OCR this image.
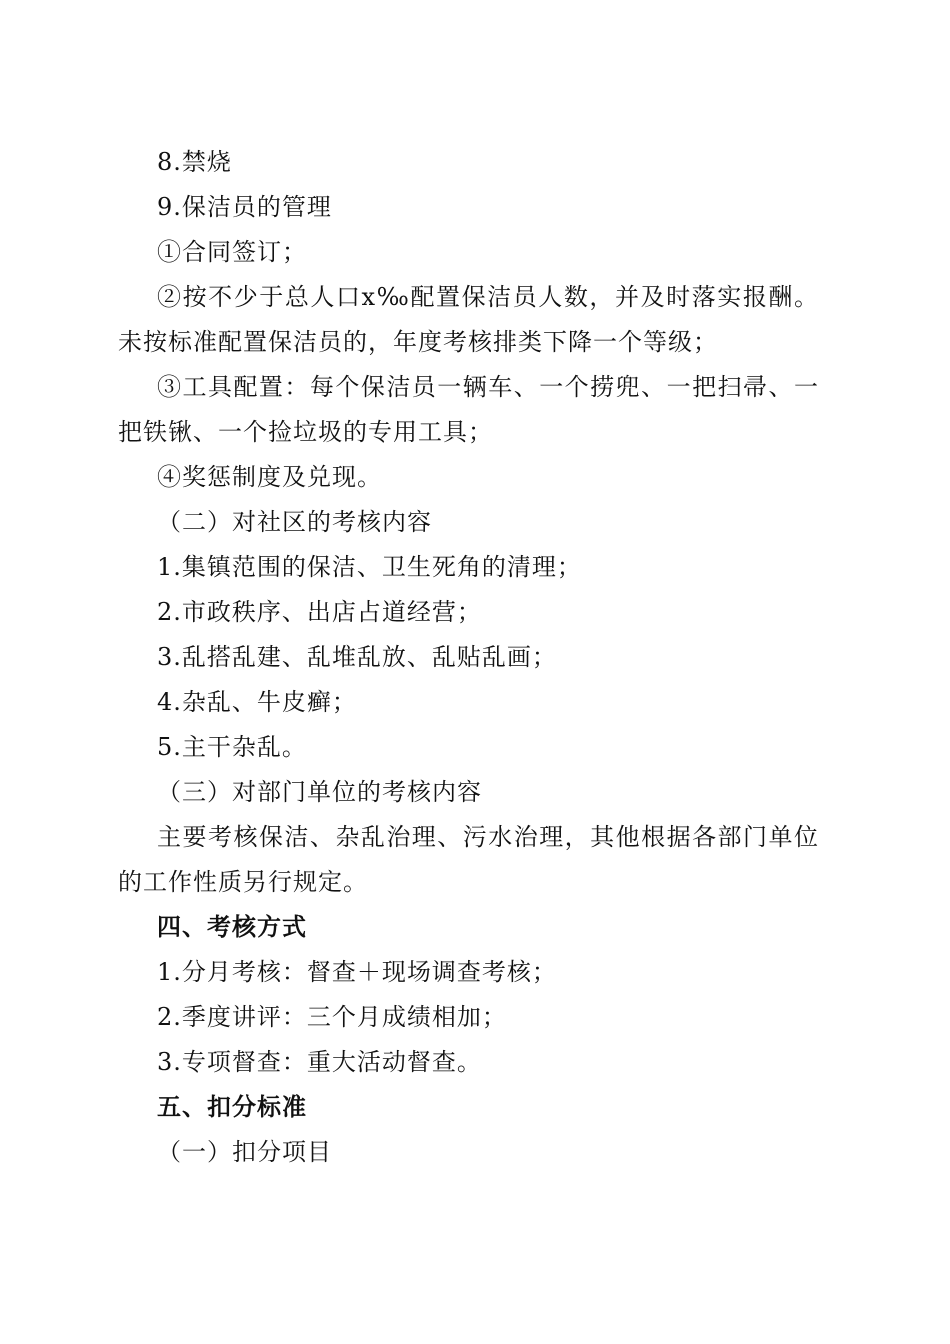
8.禁烧
9.保洁员的管理
①合同签订；
②按不少于总人口x‰配置保洁员人数，并及时落实报酬。
未按标准配置保洁员的，年度考核排类下降一个等级；
③工具配置：每个保洁员一辆车、一个捞兜、一把扫帚、一
把铁锹、一个捡垃圾的专用工具；
④奖惩制度及兑现。
（二）对社区的考核内容
1.集镇范围的保洁、卫生死角的清理；
2.市政秩序、出店占道经营；
3.乱搭乱建、乱堆乱放、乱贴乱画；
4.杂乱、牛皮癣；
5.主干杂乱。
（三）对部门单位的考核内容
主要考核保洁、杂乱治理、污水治理，其他根据各部门单位
的工作性质另行规定。
四、考核方式
1.分月考核：督查＋现场调查考核；
2.季度讲评：三个月成绩相加；
3.专项督查：重大活动督查。
五、扣分标准
（一）扣分项目
